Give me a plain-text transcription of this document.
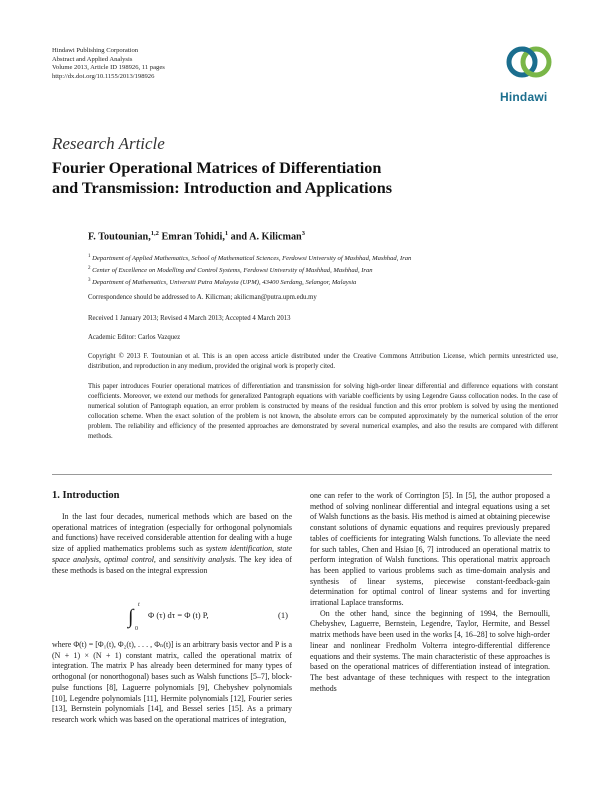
Hindawi Publishing Corporation
Abstract and Applied Analysis
Volume 2013, Article ID 198926, 11 pages
http://dx.doi.org/10.1155/2013/198926
Hindawi
Research Article
Fourier Operational Matrices of Differentiation
and Transmission: Introduction and Applications
F. Toutounian,$^{1,2}$ Emran Tohidi,$^1$ and A. Kilicman$^3$
$^1$ Department of Applied Mathematics, School of Mathematical Sciences, Ferdowsi University of Mashhad, Mashhad, Iran
$^2$ Center of Excellence on Modelling and Control Systems, Ferdowsi University of Mashhad, Mashhad, Iran
$^3$ Department of Mathematics, Universiti Putra Malaysia (UPM), 43400 Serdang, Selangor, Malaysia
Correspondence should be addressed to A. Kilicman; akilicman@putra.upm.edu.my
Received 1 January 2013; Revised 4 March 2013; Accepted 4 March 2013
Academic Editor: Carlos Vazquez
Copyright © 2013 F. Toutounian et al. This is an open access article distributed under the Creative Commons Attribution License, which permits unrestricted use, distribution, and reproduction in any medium, provided the original work is properly cited.
This paper introduces Fourier operational matrices of differentiation and transmission for solving high-order linear differential and difference equations with constant coefficients. Moreover, we extend our methods for generalized Pantograph equations with variable coefficients by using Legendre Gauss collocation nodes. In the case of numerical solution of Pantograph equation, an error problem is constructed by means of the residual function and this error problem is solved by using the mentioned collocation scheme. When the exact solution of the problem is not known, the absolute errors can be computed approximately by the numerical solution of the error problem. The reliability and efficiency of the presented approaches are demonstrated by several numerical examples, and also the results are compared with different methods.
1. Introduction

In the last four decades, numerical methods which are based on the operational matrices of integration (especially for orthogonal polynomials and functions) have received considerable attention for dealing with a huge size of applied mathematics problems such as system identification, state space analysis, optimal control, and sensitivity analysis. The key idea of these methods is based on the integral expression

∫
t
0
Φ (τ) dτ = Φ (t) P,	(1)

where Φ(t) = [Φ₁(t), Φ₂(t), . . . , Φₙ(t)] is an arbitrary basis vector and P is a (N + 1) × (N + 1) constant matrix, called the operational matrix of integration. The matrix P has already been determined for many types of orthogonal (or nonorthogonal) bases such as Walsh functions [5–7], block-pulse functions [8], Laguerre polynomials [9], Chebyshev polynomials [10], Legendre polynomials [11], Hermite polynomials [12], Fourier series [13], Bernstein polynomials [14], and Bessel series [15]. As a primary research work which was based on the operational matrices of integration,

one can refer to the work of Corrington [5]. In [5], the author proposed a method of solving nonlinear differential and integral equations using a set of Walsh functions as the basis. His method is aimed at obtaining piecewise constant solutions of dynamic equations and requires previously prepared tables of coefficients for integrating Walsh functions. To alleviate the need for such tables, Chen and Hsiao [6, 7] introduced an operational matrix to perform integration of Walsh functions. This operational matrix approach has been applied to various problems such as time-domain analysis and synthesis of linear systems, piecewise constant-feedback-gain determination for optimal control of linear systems and for inverting irrational Laplace transforms.

On the other hand, since the beginning of 1994, the Bernoulli, Chebyshev, Laguerre, Bernstein, Legendre, Taylor, Hermite, and Bessel matrix methods have been used in the works [4, 16–28] to solve high-order linear and nonlinear Fredholm Volterra integro-differential difference equations and their systems. The main characteristic of these approaches is based on the operational matrices of differentiation instead of integration. The best advantage of these techniques with respect to the integration methods
